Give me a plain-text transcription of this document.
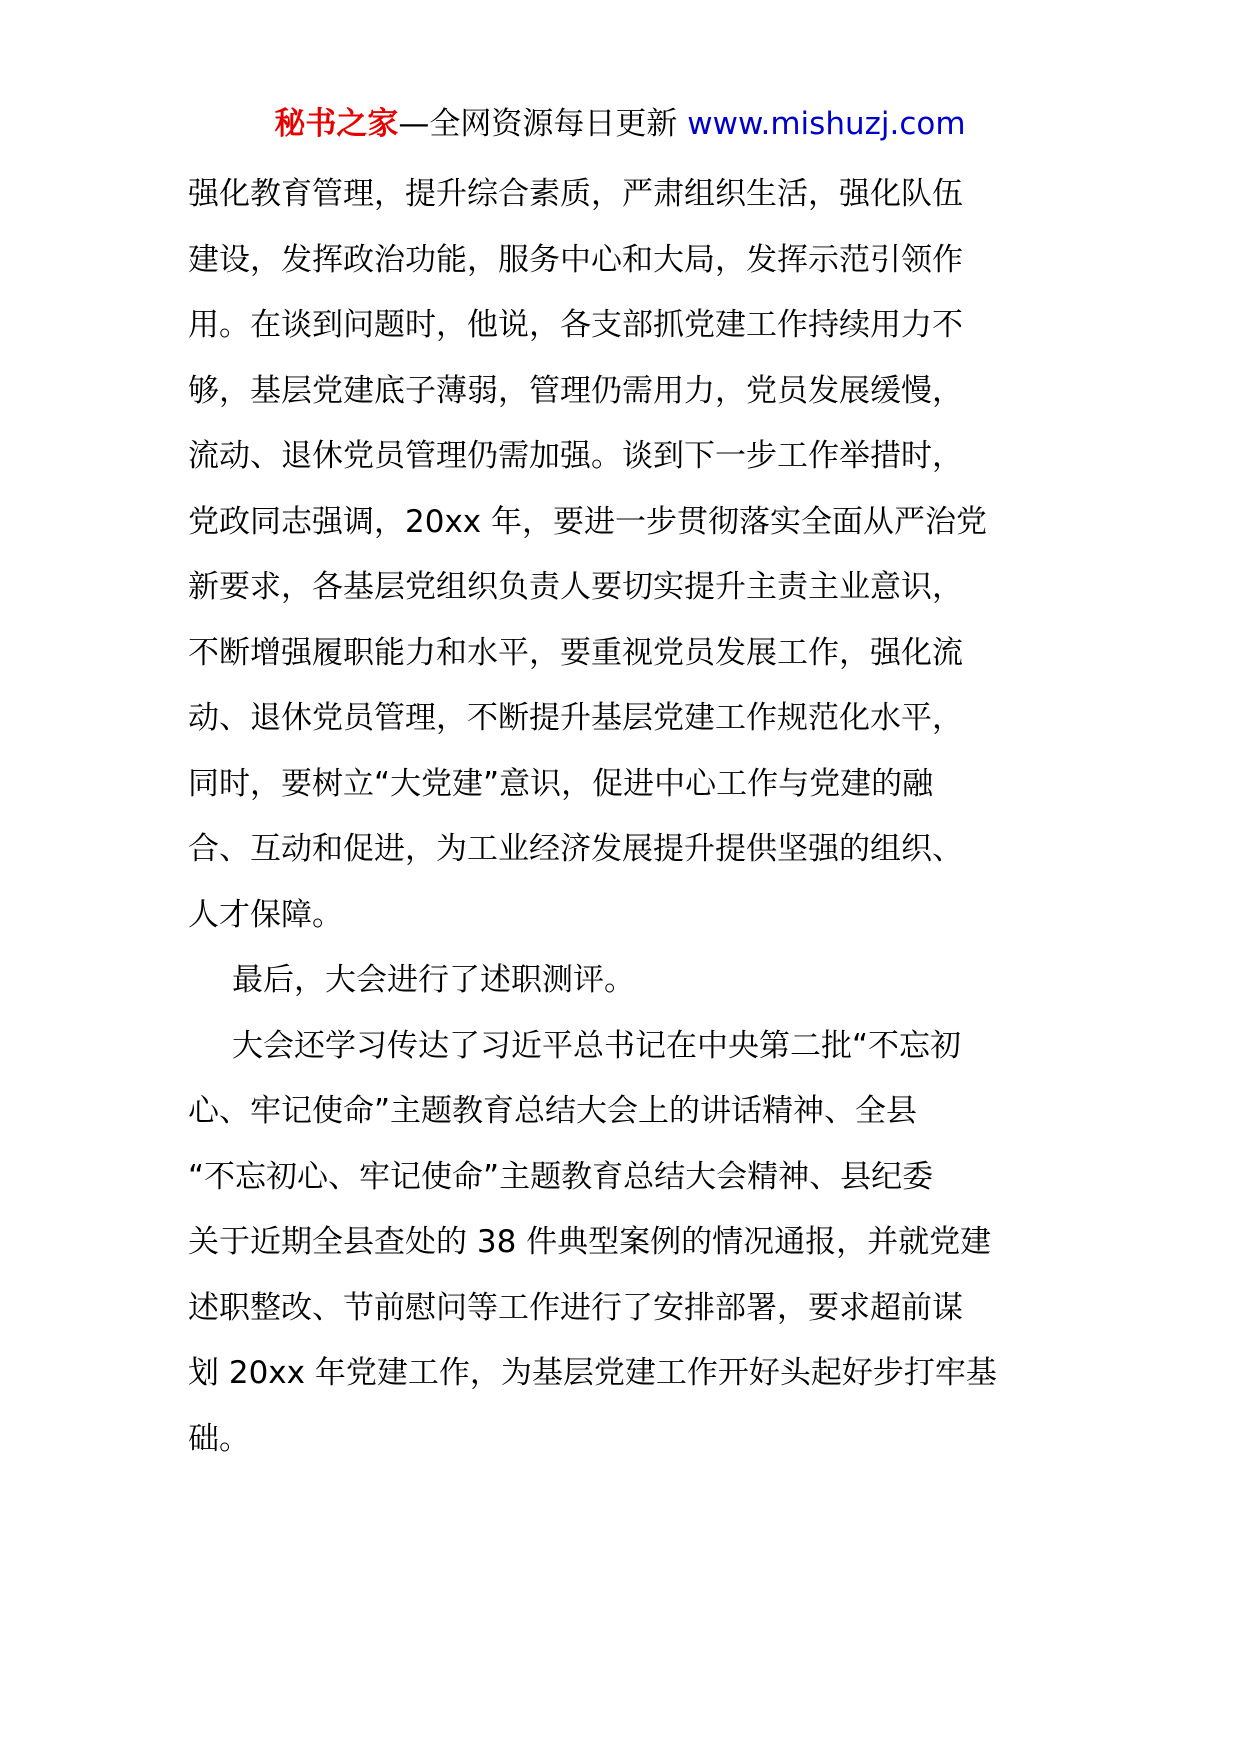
秘书之家—全网资源每日更新 www.mishuzj.com
强化教育管理，提升综合素质，严肃组织生活，强化队伍
建设，发挥政治功能，服务中心和大局，发挥示范引领作
用。在谈到问题时，他说，各支部抓党建工作持续用力不
够，基层党建底子薄弱，管理仍需用力，党员发展缓慢，
流动、退休党员管理仍需加强。谈到下一步工作举措时，
党政同志强调，20xx 年，要进一步贯彻落实全面从严治党
新要求，各基层党组织负责人要切实提升主责主业意识，
不断增强履职能力和水平，要重视党员发展工作，强化流
动、退休党员管理，不断提升基层党建工作规范化水平，
同时，要树立“大党建”意识，促进中心工作与党建的融
合、互动和促进，为工业经济发展提升提供坚强的组织、
人才保障。
最后，大会进行了述职测评。
大会还学习传达了习近平总书记在中央第二批“不忘初
心、牢记使命”主题教育总结大会上的讲话精神、全县
“不忘初心、牢记使命”主题教育总结大会精神、县纪委
关于近期全县查处的 38 件典型案例的情况通报，并就党建
述职整改、节前慰问等工作进行了安排部署，要求超前谋
划 20xx 年党建工作，为基层党建工作开好头起好步打牢基
础。
